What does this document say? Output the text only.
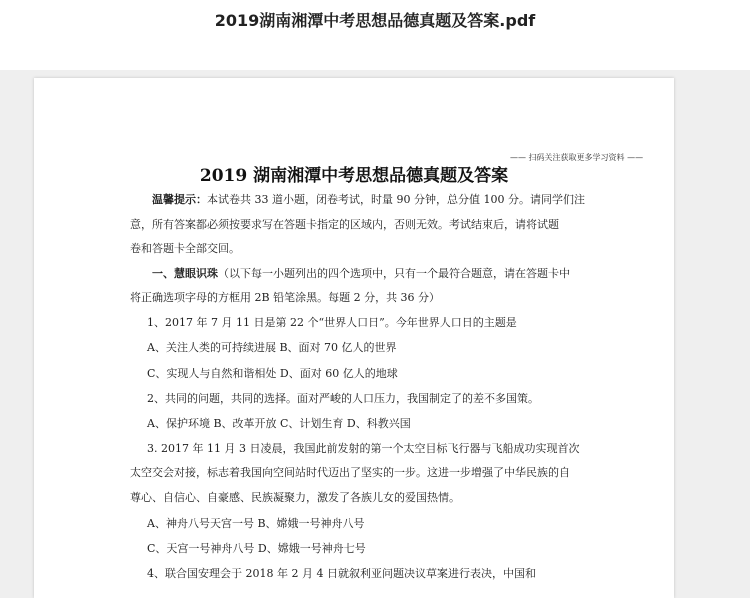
2019湖南湘潭中考思想品德真题及答案.pdf
—— 扫码关注获取更多学习资料 ——
2019 湖南湘潭中考思想品德真题及答案
温馨提示：本试卷共 33 道小题，闭卷考试，时量 90 分钟，总分值 100 分。请同学们注
意，所有答案都必须按要求写在答题卡指定的区域内，否则无效。考试结束后，请将试题
卷和答题卡全部交回。
一、慧眼识珠（以下每一小题列出的四个选项中，只有一个最符合题意，请在答题卡中
将正确选项字母的方框用 2B 铅笔涂黑。每题 2 分，共 36 分）
1、2017 年 7 月 11 日是第 22 个“世界人口日”。今年世界人口日的主题是
A、关注人类的可持续进展 B、面对 70 亿人的世界
C、实现人与自然和谐相处 D、面对 60 亿人的地球
2、共同的问题，共同的选择。面对严峻的人口压力，我国制定了的差不多国策。
A、保护环境 B、改革开放 C、计划生育 D、科教兴国
3. 2017 年 11 月 3 日凌晨，我国此前发射的第一个太空目标飞行器与飞船成功实现首次
太空交会对接，标志着我国向空间站时代迈出了坚实的一步。这进一步增强了中华民族的自
尊心、自信心、自豪感、民族凝聚力，激发了各族儿女的爱国热情。
A、神舟八号天宫一号 B、嫦娥一号神舟八号
C、天宫一号神舟八号 D、嫦娥一号神舟七号
4、联合国安理会于 2018 年 2 月 4 日就叙利亚问题决议草案进行表决，中国和
